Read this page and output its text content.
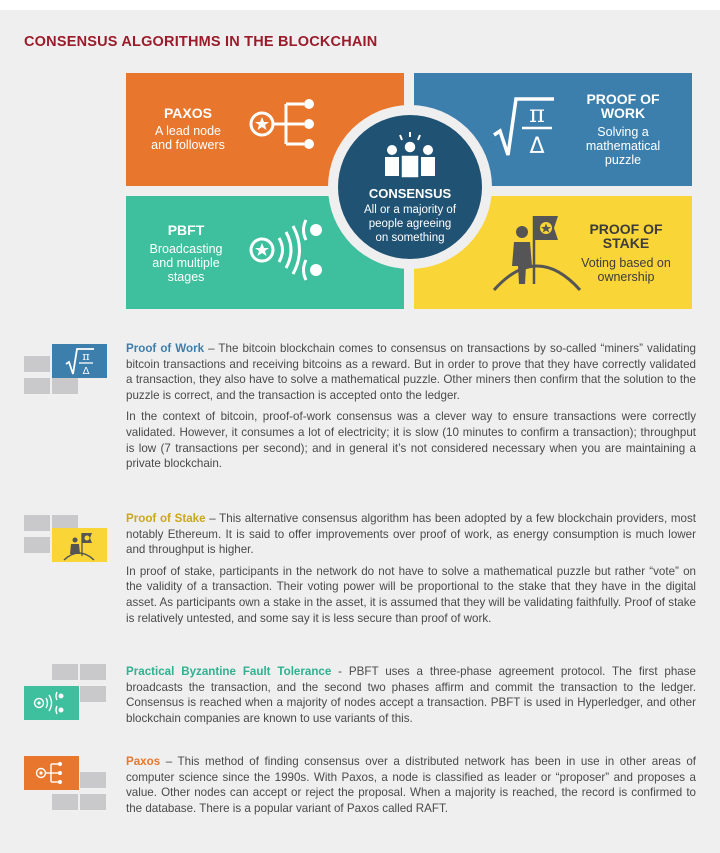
CONSENSUS ALGORITHMS IN THE BLOCKCHAIN
PAXOS
A lead node
and followers
π
Δ
PROOF OF
WORK
Solving a
mathematical
puzzle
PBFT
Broadcasting
and multiple
stages
PROOF OF
STAKE
Voting based on
ownership
CONSENSUS
All or a majority of
people agreeing
on something
π
Δ

Proof of Work – The bitcoin blockchain comes to consensus on transactions by so-called “miners” validating bitcoin transactions and receiving bitcoins as a reward. But in order to prove that they have correctly validated a transaction, they also have to solve a mathematical puzzle. Other miners then confirm that the solution to the puzzle is correct, and the transaction is accepted onto the ledger.

In the context of bitcoin, proof-of-work consensus was a clever way to ensure transactions were correctly validated. However, it consumes a lot of electricity; it is slow (10 minutes to confirm a transaction); throughput is low (7 transactions per second); and in general it’s not considered necessary when you are maintaining a private blockchain.

Proof of Stake – This alternative consensus algorithm has been adopted by a few blockchain providers, most notably Ethereum. It is said to offer improvements over proof of work, as energy consumption is much lower and throughput is higher.

In proof of stake, participants in the network do not have to solve a mathematical puzzle but rather “vote” on the validity of a transaction. Their voting power will be proportional to the stake that they have in the digital asset. As participants own a stake in the asset, it is assumed that they will be validating faithfully. Proof of stake is relatively untested, and some say it is less secure than proof of work.

Practical Byzantine Fault Tolerance - PBFT uses a three-phase agreement protocol. The first phase broadcasts the transaction, and the second two phases affirm and commit the transaction to the ledger. Consensus is reached when a majority of nodes accept a transaction. PBFT is used in Hyperledger, and other blockchain companies are known to use variants of this.

Paxos – This method of finding consensus over a distributed network has been in use in other areas of computer science since the 1990s. With Paxos, a node is classified as leader or “proposer” and proposes a value. Other nodes can accept or reject the proposal. When a majority is reached, the record is confirmed to the database. There is a popular variant of Paxos called RAFT.
